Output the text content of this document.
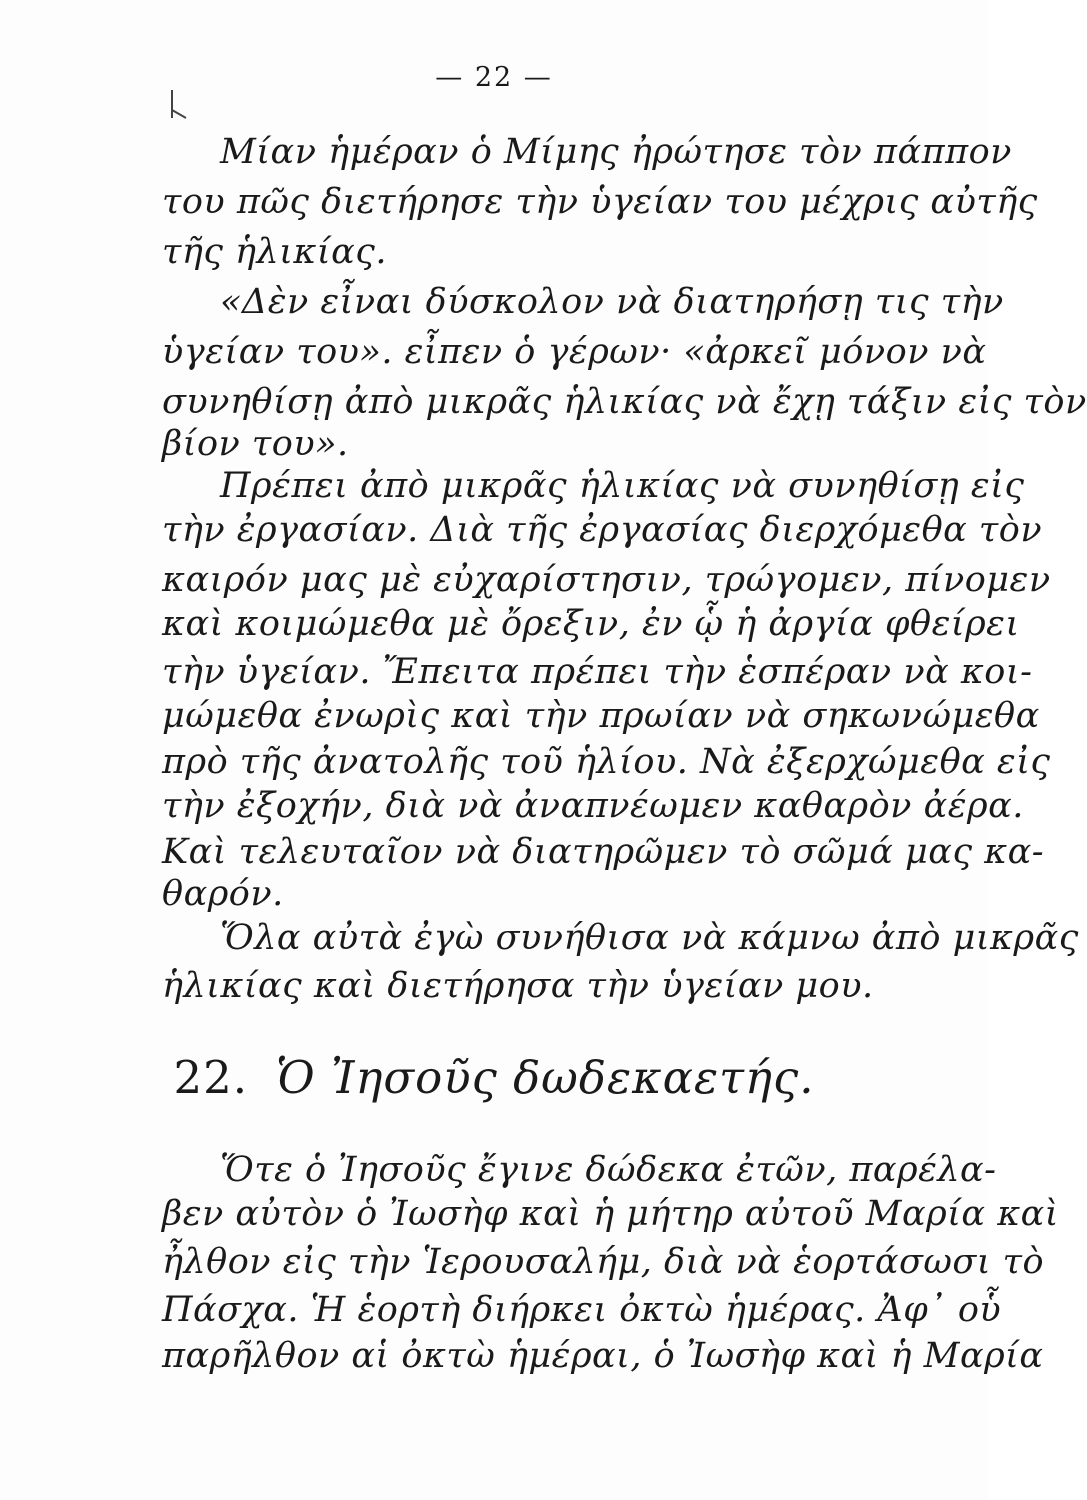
— 22 —
Μίαν ἡμέραν ὁ Μίμης ἠρώτησε τὸν πάππον
του πῶς διετήρησε τὴν ὑγείαν του μέχρις αὐτῆς
τῆς ἡλικίας.
«Δὲν εἶναι δύσκολον νὰ διατηρήσῃ τις τὴν
ὑγείαν του». εἶπεν ὁ γέρων· «ἀρκεῖ μόνον νὰ
συνηθίσῃ ἀπὸ μικρᾶς ἡλικίας νὰ ἔχῃ τάξιν εἰς τὸν
βίον του».
Πρέπει ἀπὸ μικρᾶς ἡλικίας νὰ συνηθίσῃ εἰς
τὴν ἐργασίαν. Διὰ τῆς ἐργασίας διερχόμεθα τὸν
καιρόν μας μὲ εὐχαρίστησιν, τρώγομεν, πίνομεν
καὶ κοιμώμεθα μὲ ὄρεξιν, ἐν ᾧ ἡ ἀργία φθείρει
τὴν ὑγείαν. Ἔπειτα πρέπει τὴν ἑσπέραν νὰ κοι-
μώμεθα ἐνωρὶς καὶ τὴν πρωίαν νὰ σηκωνώμεθα
πρὸ τῆς ἀνατολῆς τοῦ ἡλίου. Νὰ ἐξερχώμεθα εἰς
τὴν ἐξοχήν, διὰ νὰ ἀναπνέωμεν καθαρὸν ἀέρα.
Καὶ τελευταῖον νὰ διατηρῶμεν τὸ σῶμά μας κα-
θαρόν.
Ὅλα αὐτὰ ἐγὼ συνήθισα νὰ κάμνω ἀπὸ μικρᾶς
ἡλικίας καὶ διετήρησα τὴν ὑγείαν μου.
22. Ὁ Ἰησοῦς δωδεκαετής.
Ὅτε ὁ Ἰησοῦς ἔγινε δώδεκα ἐτῶν, παρέλα-
βεν αὐτὸν ὁ Ἰωσὴφ καὶ ἡ μήτηρ αὐτοῦ Μαρία καὶ
ἦλθον εἰς τὴν Ἱερουσαλήμ, διὰ νὰ ἑορτάσωσι τὸ
Πάσχα. Ἡ ἑορτὴ διήρκει ὀκτὼ ἡμέρας. Ἀφ᾽ οὗ
παρῆλθον αἱ ὀκτὼ ἡμέραι, ὁ Ἰωσὴφ καὶ ἡ Μαρία
